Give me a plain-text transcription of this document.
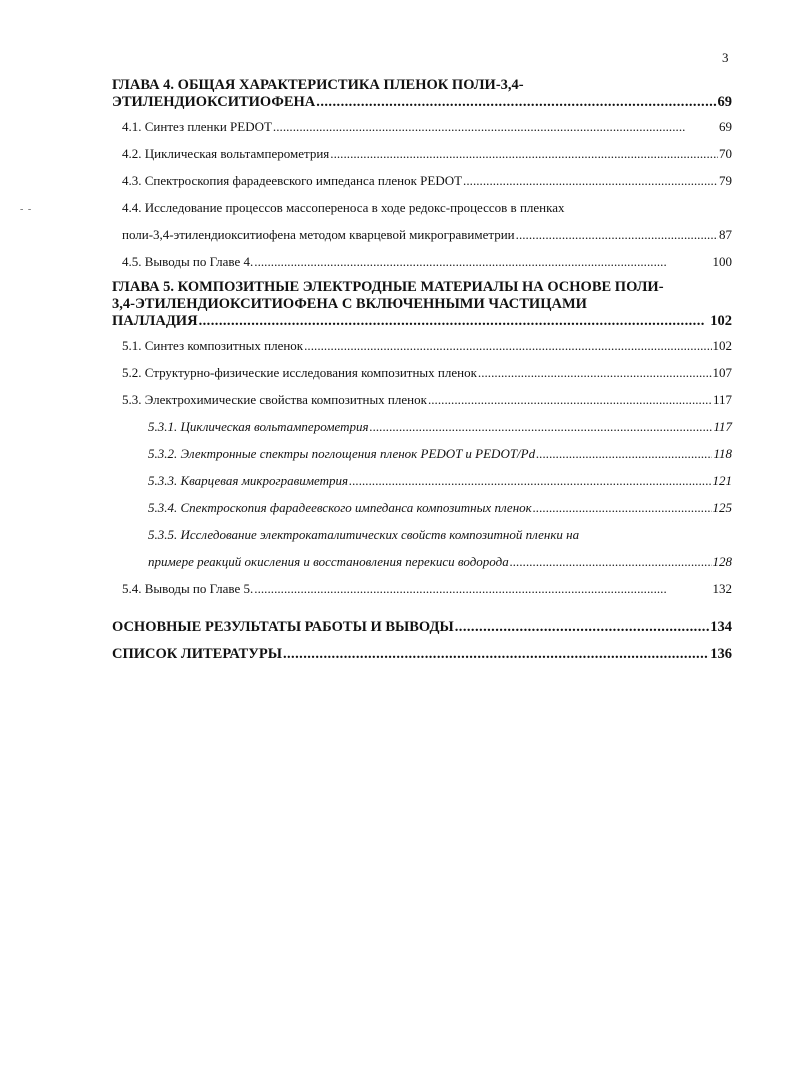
3
- -
ГЛАВА 4. ОБЩАЯ ХАРАКТЕРИСТИКА ПЛЕНОК ПОЛИ-3,4-
ЭТИЛЕНДИОКСИТИОФЕНА . . .	69
4.1. Синтез пленки PEDOT . . .	69
4.2. Циклическая вольтамперометрия . . .	70
4.3. Спектроскопия фарадеевского импеданса пленок PEDOT . . .	79
4.4. Исследование процессов массопереноса в ходе редокс-процессов в пленках
поли-3,4-этилендиокситиофена методом кварцевой микрогравиметрии . . .	87
4.5. Выводы по Главе 4. . . .	100
ГЛАВА 5. КОМПОЗИТНЫЕ ЭЛЕКТРОДНЫЕ МАТЕРИАЛЫ НА ОСНОВЕ ПОЛИ-
3,4-ЭТИЛЕНДИОКСИТИОФЕНА С ВКЛЮЧЕННЫМИ ЧАСТИЦАМИ
ПАЛЛАДИЯ . . .	102
5.1. Синтез композитных пленок . . .	102
5.2. Структурно-физические исследования композитных пленок . . .	107
5.3. Электрохимические свойства композитных пленок . . .	117
5.3.1. Циклическая вольтамперометрия . . .	117
5.3.2. Электронные спектры поглощения пленок PEDOT и PEDOT/Pd . . .	118
5.3.3. Кварцевая микрогравиметрия . . .	121
5.3.4. Спектроскопия фарадеевского импеданса композитных пленок . . .	125
5.3.5. Исследование электрокаталитических свойств композитной пленки на
примере реакций окисления и восстановления перекиси водорода . . .	128
5.4. Выводы по Главе 5. . . .	132
ОСНОВНЫЕ РЕЗУЛЬТАТЫ РАБОТЫ И ВЫВОДЫ . . .	134
СПИСОК ЛИТЕРАТУРЫ . . .	136
